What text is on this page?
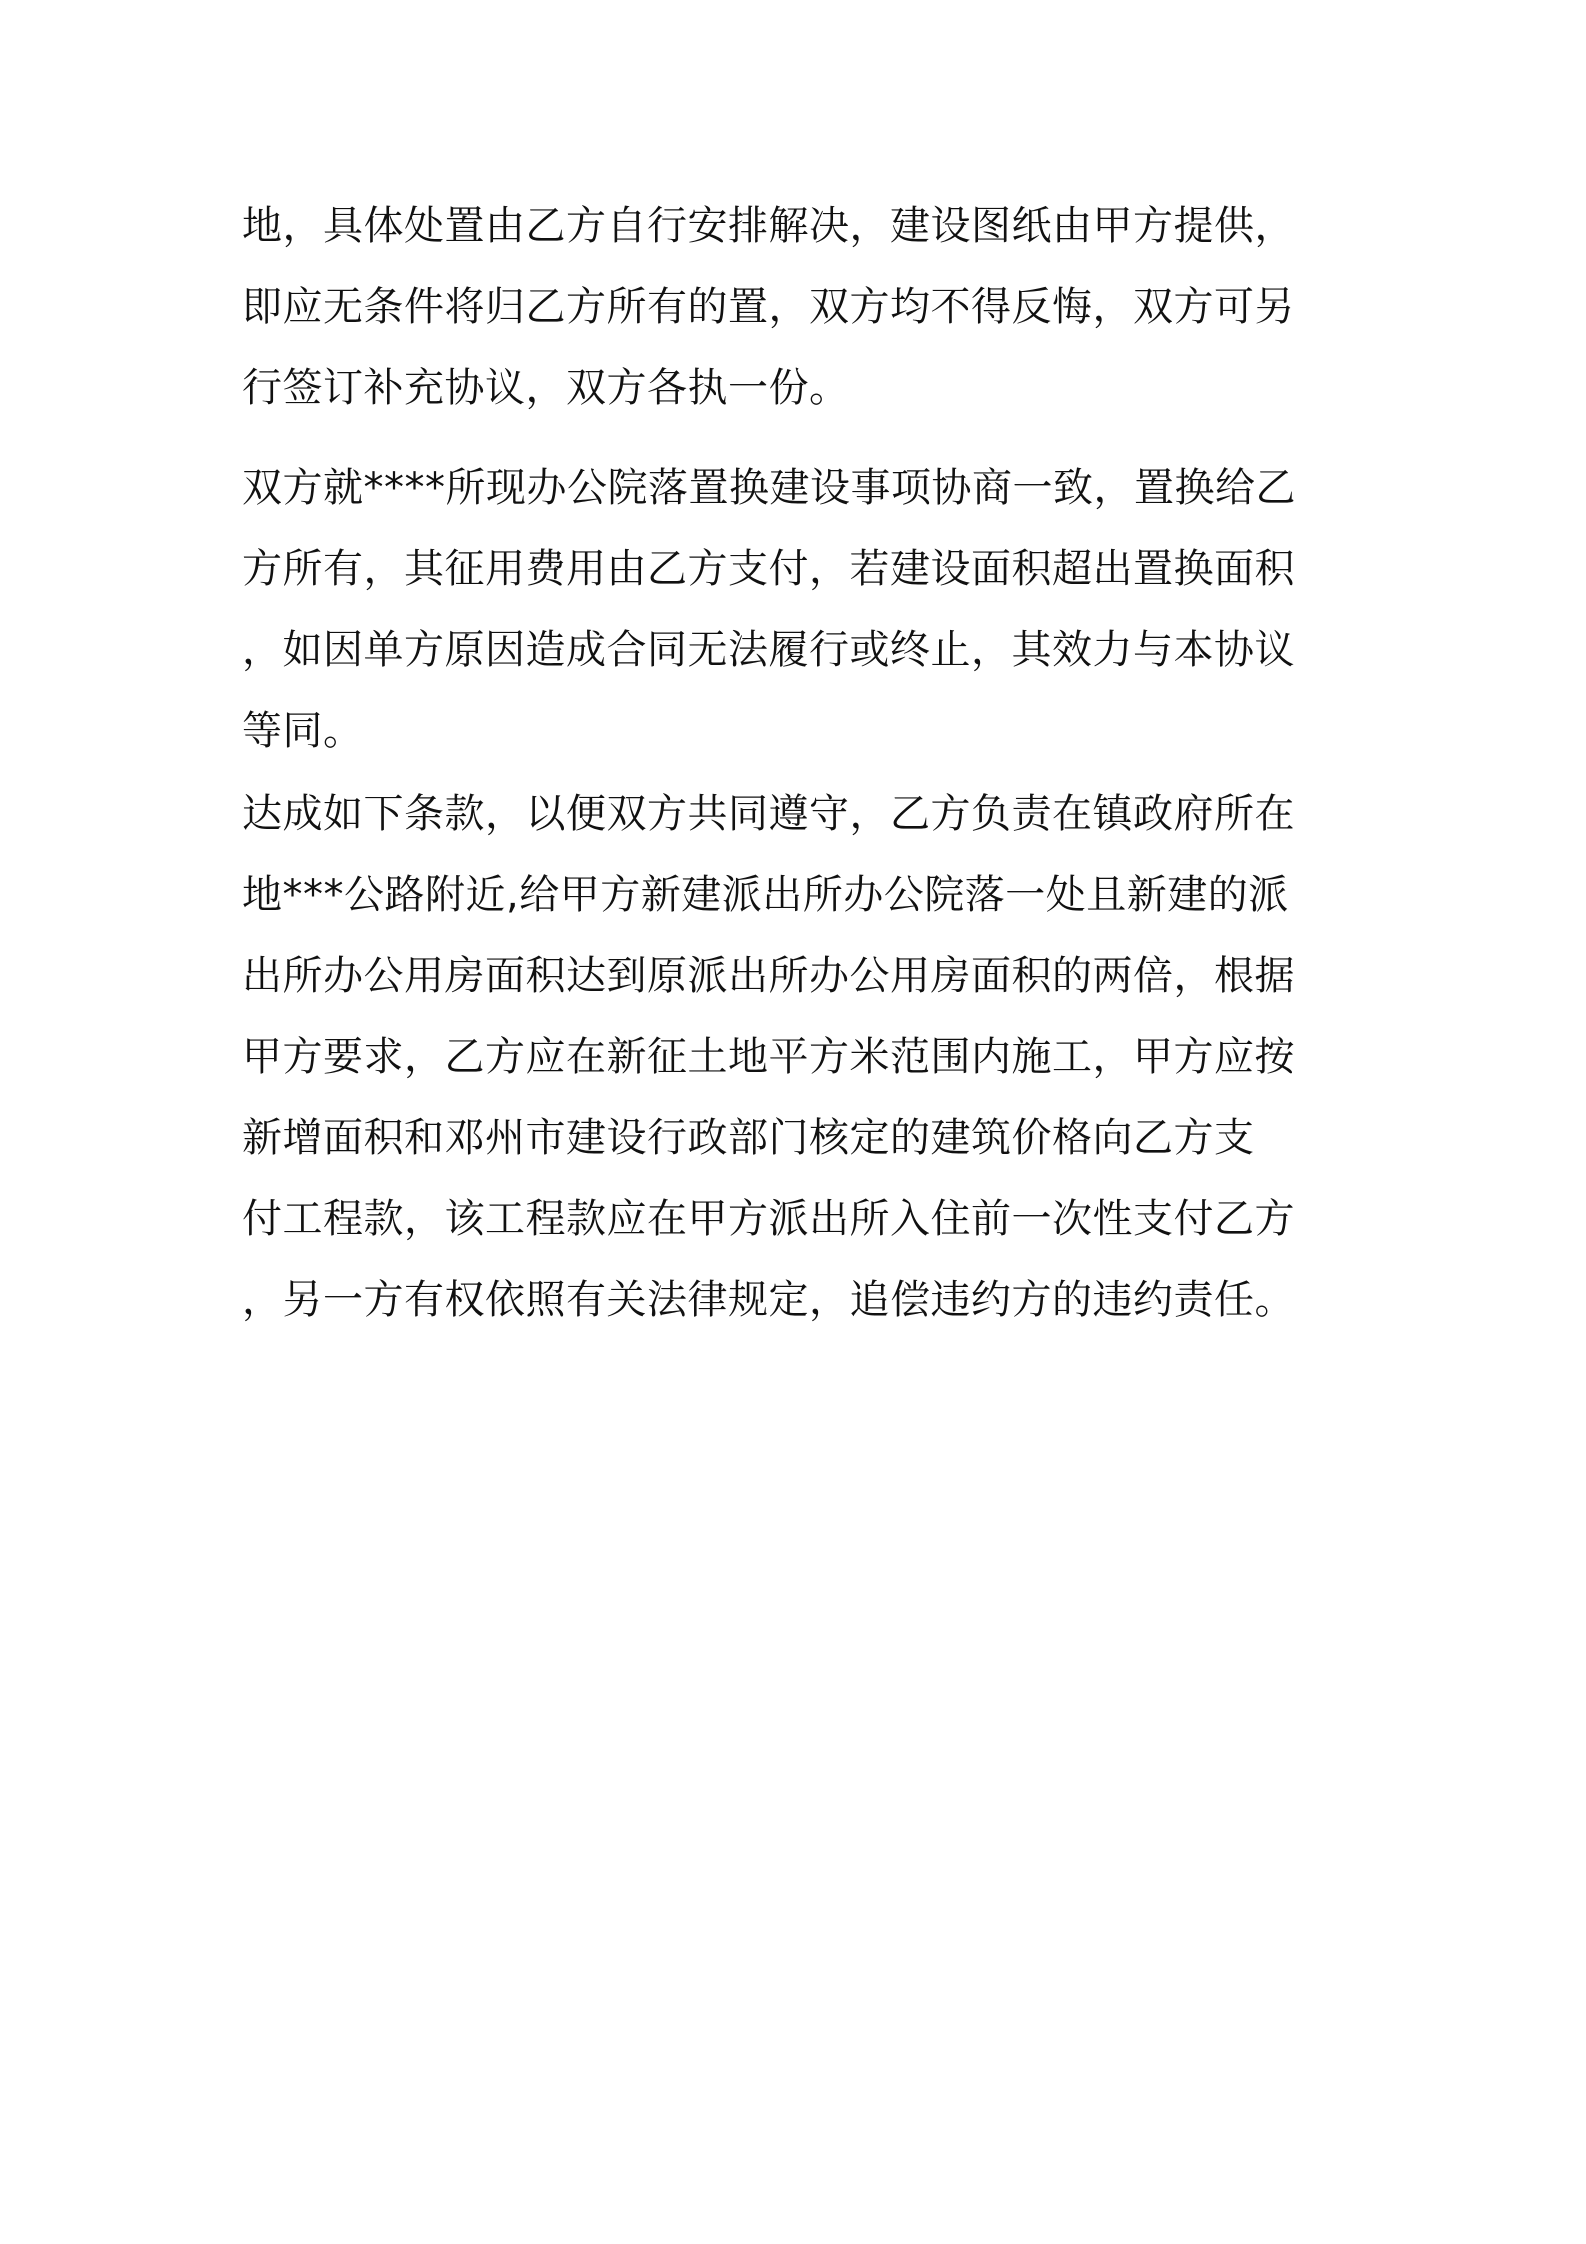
地，具体处置由乙方自行安排解决，建设图纸由甲方提供，
即应无条件将归乙方所有的置，双方均不得反悔，双方可另
行签订补充协议，双方各执一份。
双方就****所现办公院落置换建设事项协商一致，置换给乙
方所有，其征用费用由乙方支付，若建设面积超出置换面积
，如因单方原因造成合同无法履行或终止，其效力与本协议
等同。
达成如下条款，以便双方共同遵守，乙方负责在镇政府所在
地***公路附近,给甲方新建派出所办公院落一处且新建的派
出所办公用房面积达到原派出所办公用房面积的两倍，根据
甲方要求，乙方应在新征土地平方米范围内施工，甲方应按
新增面积和邓州市建设行政部门核定的建筑价格向乙方支
付工程款，该工程款应在甲方派出所入住前一次性支付乙方
，另一方有权依照有关法律规定，追偿违约方的违约责任。
